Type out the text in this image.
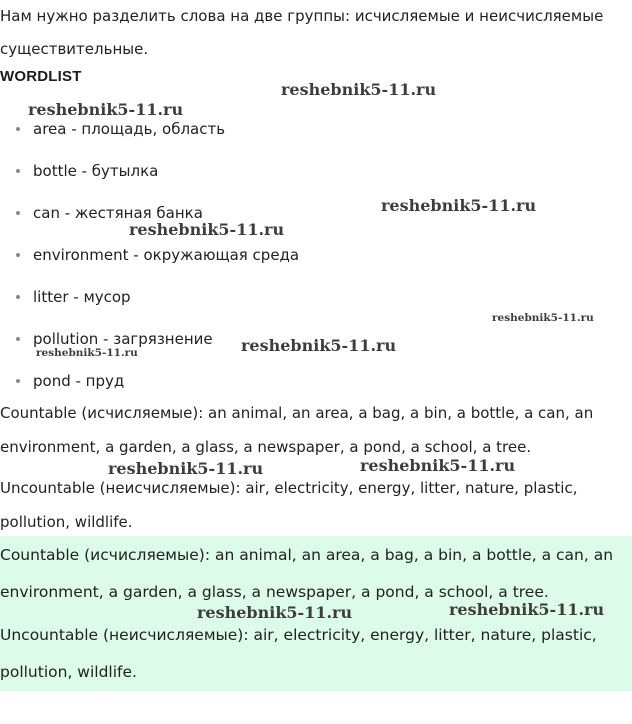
Нам нужно разделить слова на две группы: исчисляемые и неисчисляемые существительные.

WORDLIST
area - площадь, область
bottle - бутылка
can - жестяная банка
environment - окружающая среда
litter - мусор
pollution - загрязнение
pond - пруд

Countable (исчисляемые): an animal, an area, a bag, a bin, a bottle, a can, an environment, a garden, a glass, a newspaper, a pond, a school, a tree.

Uncountable (неисчисляемые): air, electricity, energy, litter, nature, plastic, pollution, wildlife.

Countable (исчисляемые): an animal, an area, a bag, a bin, a bottle, a can, an environment, a garden, a glass, a newspaper, a pond, a school, a tree.

Uncountable (неисчисляемые): air, electricity, energy, litter, nature, plastic, pollution, wildlife.

reshebnik5-11.ru
reshebnik5-11.ru
reshebnik5-11.ru
reshebnik5-11.ru
reshebnik5-11.ru
reshebnik5-11.ru
reshebnik5-11.ru
reshebnik5-11.ru	reshebnik5-11.ru
reshebnik5-11.ru	reshebnik5-11.ru
